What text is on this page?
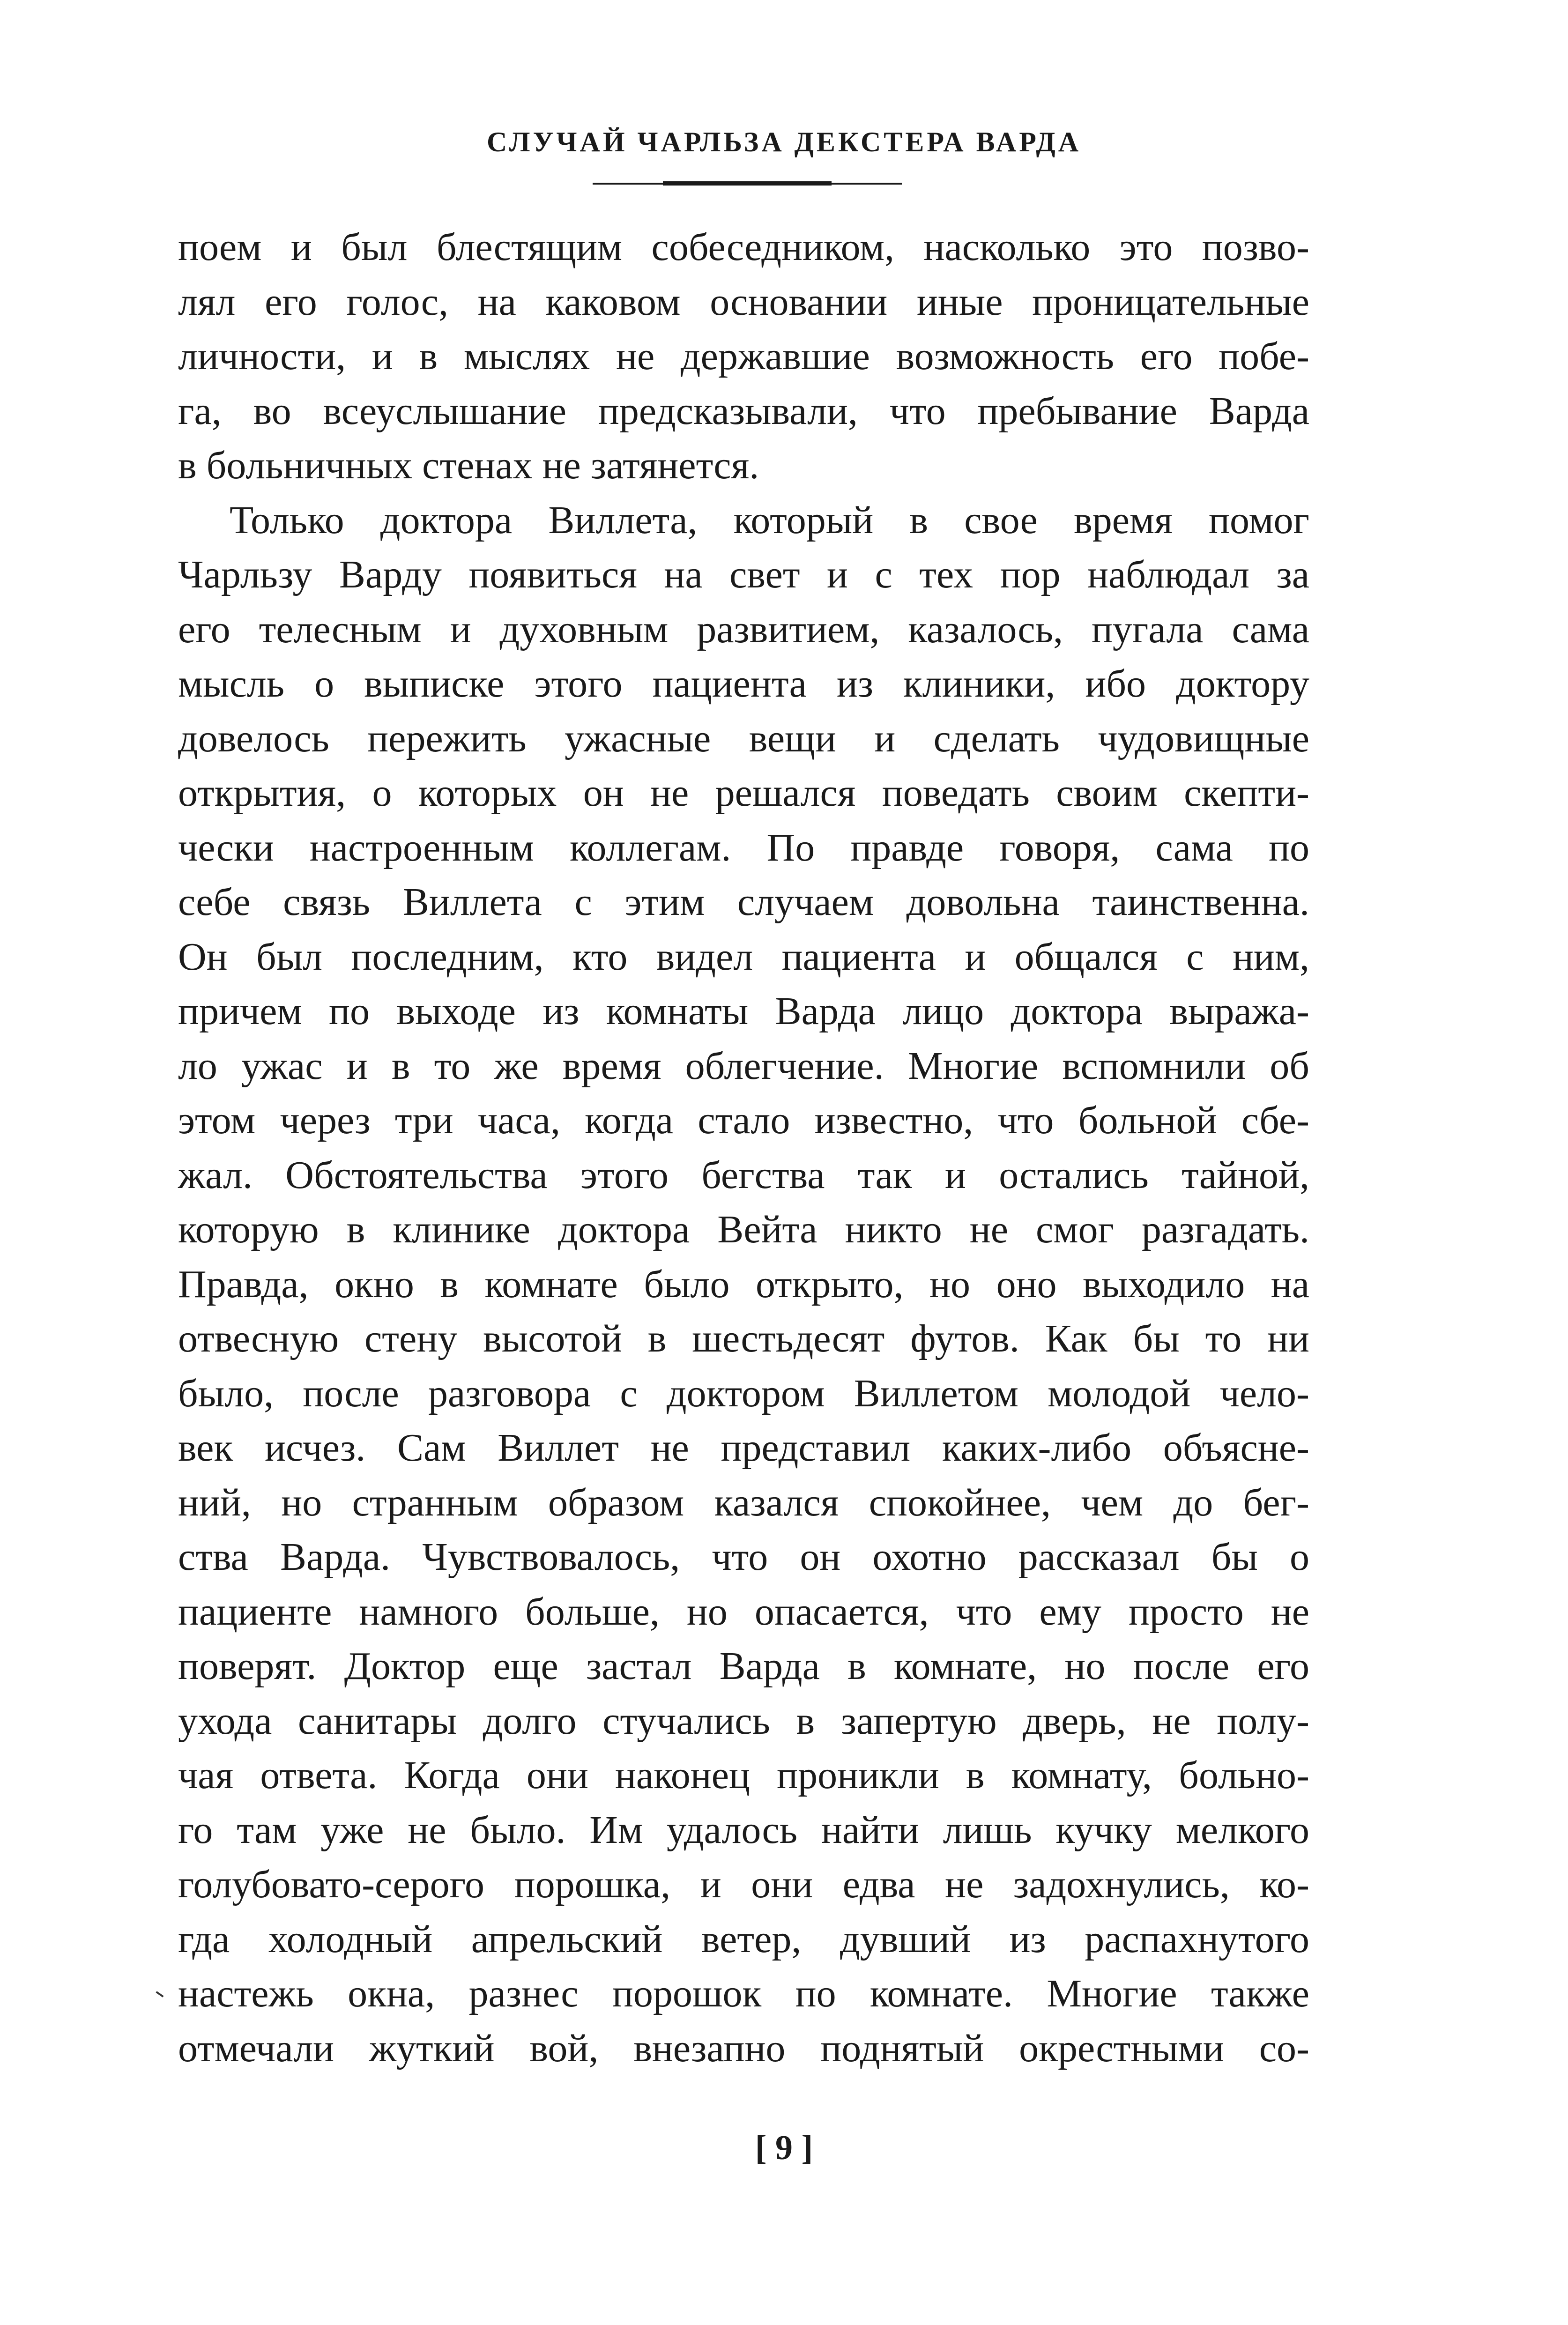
СЛУЧАЙ ЧАРЛЬЗА ДЕКСТЕРА ВАРДА
поем и был блестящим собеседником, насколько это позво-
лял его голос, на каковом основании иные проницательные
личности, и в мыслях не державшие возможность его побе-
га, во всеуслышание предсказывали, что пребывание Варда
в больничных стенах не затянется.
Только доктора Виллета, который в свое время помог
Чарльзу Варду появиться на свет и с тех пор наблюдал за
его телесным и духовным развитием, казалось, пугала сама
мысль о выписке этого пациента из клиники, ибо доктору
довелось пережить ужасные вещи и сделать чудовищные
открытия, о которых он не решался поведать своим скепти-
чески настроенным коллегам. По правде говоря, сама по
себе связь Виллета с этим случаем довольна таинственна.
Он был последним, кто видел пациента и общался с ним,
причем по выходе из комнаты Варда лицо доктора выража-
ло ужас и в то же время облегчение. Многие вспомнили об
этом через три часа, когда стало известно, что больной сбе-
жал. Обстоятельства этого бегства так и остались тайной,
которую в клинике доктора Вейта никто не смог разгадать.
Правда, окно в комнате было открыто, но оно выходило на
отвесную стену высотой в шестьдесят футов. Как бы то ни
было, после разговора с доктором Виллетом молодой чело-
век исчез. Сам Виллет не представил каких-либо объясне-
ний, но странным образом казался спокойнее, чем до бег-
ства Варда. Чувствовалось, что он охотно рассказал бы о
пациенте намного больше, но опасается, что ему просто не
поверят. Доктор еще застал Варда в комнате, но после его
ухода санитары долго стучались в запертую дверь, не полу-
чая ответа. Когда они наконец проникли в комнату, больно-
го там уже не было. Им удалось найти лишь кучку мелкого
голубовато-серого порошка, и они едва не задохнулись, ко-
гда холодный апрельский ветер, дувший из распахнутого
настежь окна, разнес порошок по комнате. Многие также
отмечали жуткий вой, внезапно поднятый окрестными со-
[ 9 ]
